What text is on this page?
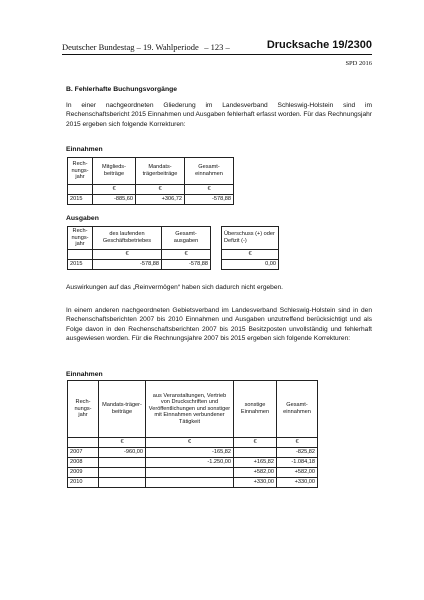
Deutscher Bundestag – 19. Wahlperiode – 123 –	Drucksache 19/2300
SPD 2016
B. Fehlerhafte Buchungsvorgänge
In einer nachgeordneten Gliederung im Landesverband Schleswig-Holstein sind im Rechenschaftsbericht 2015 Einnahmen und Ausgaben fehlerhaft erfasst worden. Für das Rechnungsjahr 2015 ergeben sich folgende Korrekturen:
Einnahmen
Rech-nungs-jahr	Mitglieds-beiträge	Mandats-trägerbeiträge	Gesamt-einnahmen
	€	€	€
2015	-885,60	+306,72	-578,88
Ausgaben
Rech-nungs-jahr	des laufenden Geschäftsbetriebes	Gesamt-ausgaben		Überschuss (+) oder Defizit (-)
	€	€		€
2015	-578,88	-578,88		0,00
Auswirkungen auf das „Reinvermögen“ haben sich dadurch nicht ergeben.
In einem anderen nachgeordneten Gebietsverband im Landesverband Schleswig-Holstein sind in den Rechenschaftsberichten 2007 bis 2010 Einnahmen und Ausgaben unzutreffend berücksichtigt und als Folge davon in den Rechenschaftsberichten 2007 bis 2015 Besitzposten unvollständig und fehlerhaft ausgewiesen worden. Für die Rechnungsjahre 2007 bis 2015 ergeben sich folgende Korrekturen:
Einnahmen
Rech-nungs-jahr	Mandats-träger-beiträge	aus Veranstaltungen, Vertrieb von Druckschriften und Veröffentlichungen und sonstiger mit Einnahmen verbundener Tätigkeit	sonstige Einnahmen	Gesamt-einnahmen
	€	€	€	€
2007	-960,00	-165,82		-825,82
2008		-1.250,00	+165,82	-1.084,18
2009			+582,00	+582,00
2010			+330,00	+330,00
